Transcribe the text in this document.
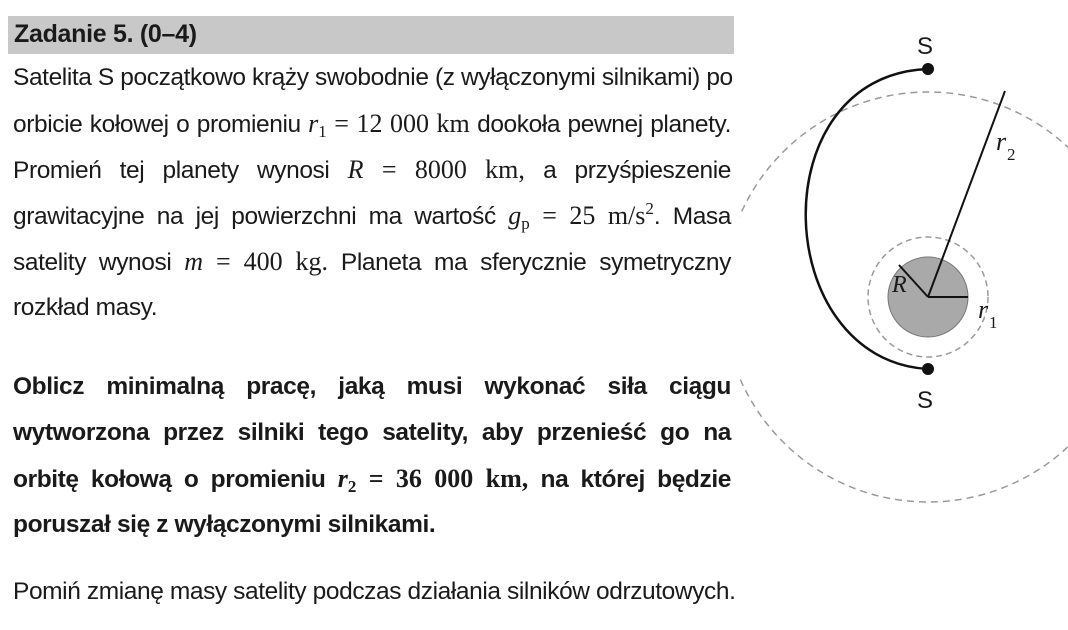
Zadanie 5. (0–4)
Satelita S początkowo krąży swobodnie (z wyłączonymi silnikami) po
orbicie kołowej o promieniu $r_1 = 12$ 000 km dookoła pewnej planety.
Promień tej planety wynosi R = 8000 km, a przyśpieszenie
grawitacyjne na jej powierzchni ma wartość $g_p = 25$ $m/s^2$. Masa
satelity wynosi m = 400 kg. Planeta ma sferycznie symetryczny
rozkład masy.
Oblicz minimalną pracę, jaką musi wykonać siła ciągu
wytworzona przez silniki tego satelity, aby przenieść go na
orbitę kołową o promieniu $r_2 = 36$ 000 km, na której będzie
poruszał się z wyłączonymi silnikami.
Pomiń zmianę masy satelity podczas działania silników odrzutowych.
S
S
R
r 2
r 1
